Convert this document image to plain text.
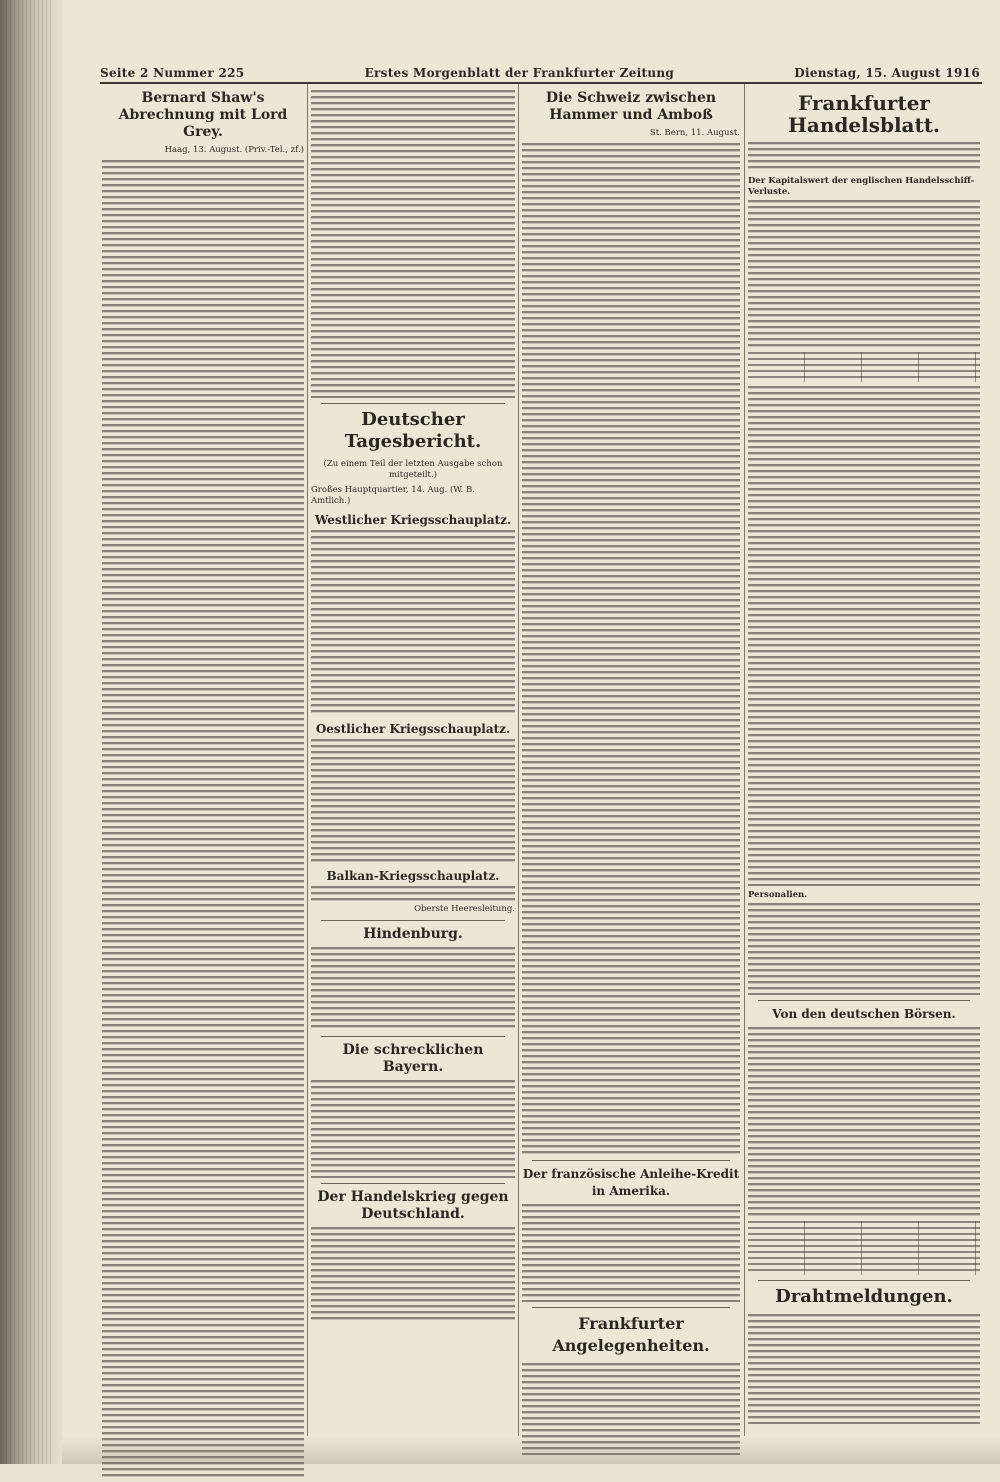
Seite 2 Nummer 225	Erstes Morgenblatt der Frankfurter Zeitung	Dienstag, 15. August 1916
Bernard Shaw's Abrechnung mit Lord Grey.
Haag, 13. August. (Priv.-Tel., zf.)
Deutscher Tagesbericht.
(Zu einem Teil der letzten Ausgabe schon mitgeteilt.)
Großes Hauptquartier, 14. Aug. (W. B. Amtlich.)
Westlicher Kriegsschauplatz.
Oestlicher Kriegsschauplatz.
Balkan-Kriegsschauplatz.
Oberste Heeresleitung.
Hindenburg.
Die schrecklichen Bayern.
Der Handelskrieg gegen Deutschland.
Die Schweiz zwischen Hammer und Amboß
St. Bern, 11. August.
Der französische Anleihe-Kredit in Amerika.
Frankfurter Angelegenheiten.
Frankfurter Handelsblatt.
Der Kapitalswert der englischen Handelsschiff-Verluste.
Personalien.
Von den deutschen Börsen.
Drahtmeldungen.
